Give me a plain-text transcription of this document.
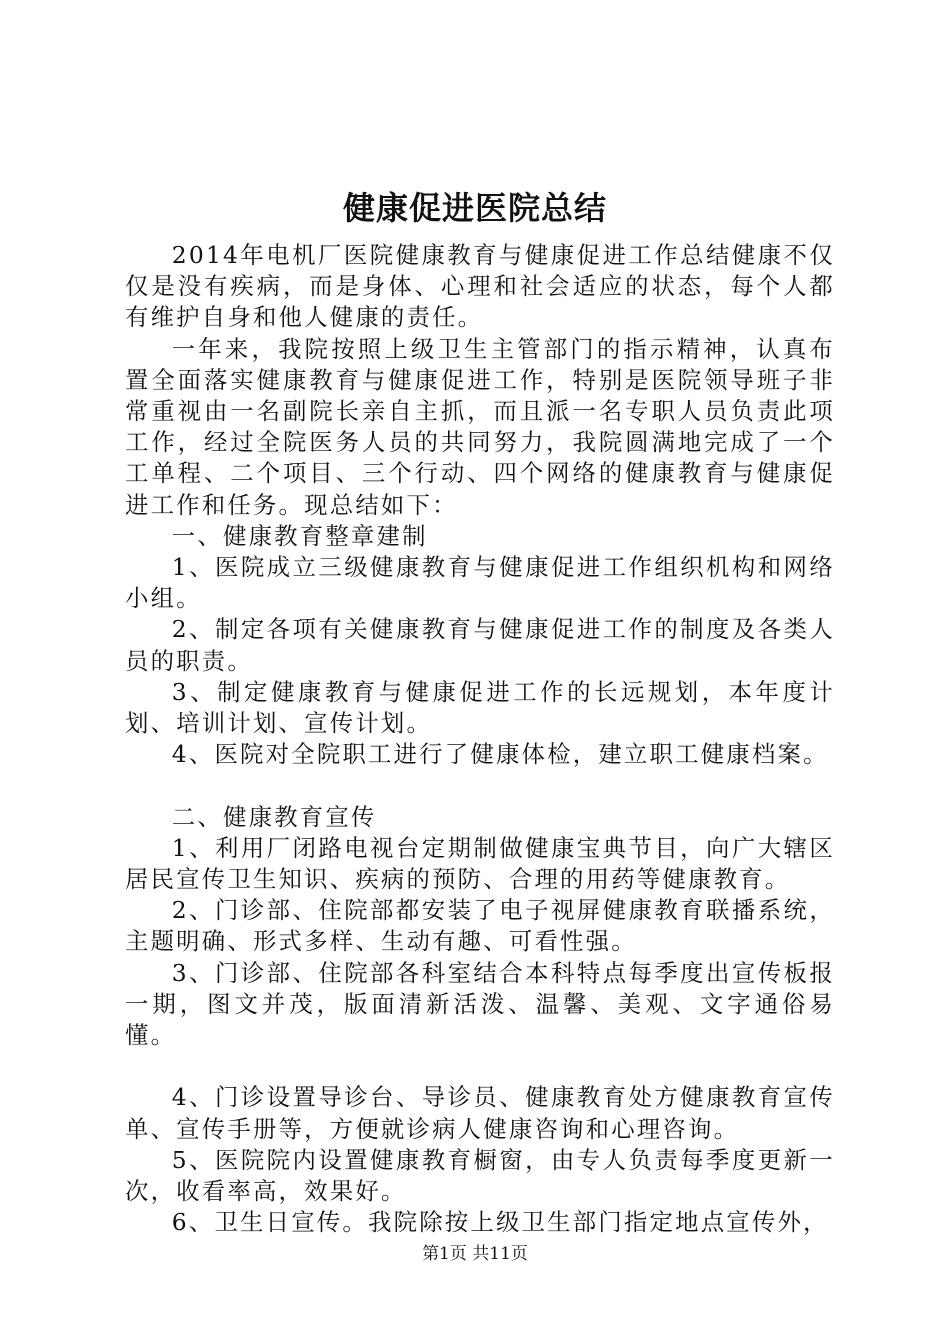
健康促进医院总结

2014年电机厂医院健康教育与健康促进工作总结健康不仅仅是没有疾病，而是身体、心理和社会适应的状态，每个人都有维护自身和他人健康的责任。

一年来，我院按照上级卫生主管部门的指示精神，认真布置全面落实健康教育与健康促进工作，特别是医院领导班子非常重视由一名副院长亲自主抓，而且派一名专职人员负责此项工作，经过全院医务人员的共同努力，我院圆满地完成了一个工单程、二个项目、三个行动、四个网络的健康教育与健康促进工作和任务。现总结如下：

一、健康教育整章建制

1、医院成立三级健康教育与健康促进工作组织机构和网络小组。

2、制定各项有关健康教育与健康促进工作的制度及各类人员的职责。

3、制定健康教育与健康促进工作的长远规划，本年度计划、培训计划、宣传计划。

4、医院对全院职工进行了健康体检，建立职工健康档案。

二、健康教育宣传

1、利用厂闭路电视台定期制做健康宝典节目，向广大辖区居民宣传卫生知识、疾病的预防、合理的用药等健康教育。

2、门诊部、住院部都安装了电子视屏健康教育联播系统，主题明确、形式多样、生动有趣、可看性强。

3、门诊部、住院部各科室结合本科特点每季度出宣传板报一期，图文并茂，版面清新活泼、温馨、美观、文字通俗易懂。

4、门诊设置导诊台、导诊员、健康教育处方健康教育宣传单、宣传手册等，方便就诊病人健康咨询和心理咨询。

5、医院院内设置健康教育橱窗，由专人负责每季度更新一次，收看率高，效果好。

6、卫生日宣传。我院除按上级卫生部门指定地点宣传外，

第1页 共11页
